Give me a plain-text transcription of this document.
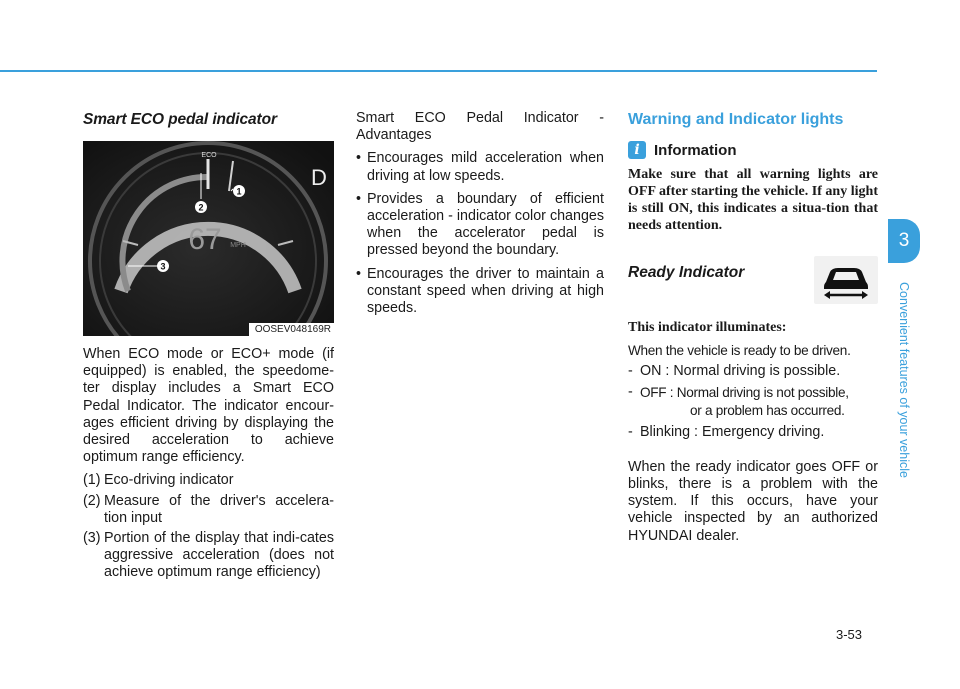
Smart ECO pedal indicator
ECO
D
67 MPH
1
2
3
OOSEV048169R

When ECO mode or ECO+ mode (if equipped) is enabled, the speedome-ter display includes a Smart ECO Pedal Indicator. The indicator encour-ages efficient driving by displaying the desired acceleration to achieve optimum range efficiency.

(1) Eco-driving indicator
(2) Measure of the driver's accelera-tion input
(3) Portion of the display that indi-cates aggressive acceleration (does not achieve optimum range efficiency)

Smart ECO Pedal Indicator - Advantages

• Encourages mild acceleration when driving at low speeds.
• Provides a boundary of efficient acceleration - indicator color changes when the accelerator pedal is pressed beyond the boundary.
• Encourages the driver to maintain a constant speed when driving at high speeds.
Warning and Indicator lights
i Information

Make sure that all warning lights are OFF after starting the vehicle. If any light is still ON, this indicates a situa-tion that needs attention.

Ready Indicator
This indicator illuminates:

When the vehicle is ready to be driven.

- ON : Normal driving is possible.
- OFF : Normal driving is not possible,
or a problem has occurred.
- Blinking : Emergency driving.

When the ready indicator goes OFF or blinks, there is a problem with the system. If this occurs, have your vehicle inspected by an authorized HYUNDAI dealer.

3
Convenient features of your vehicle
3-53
